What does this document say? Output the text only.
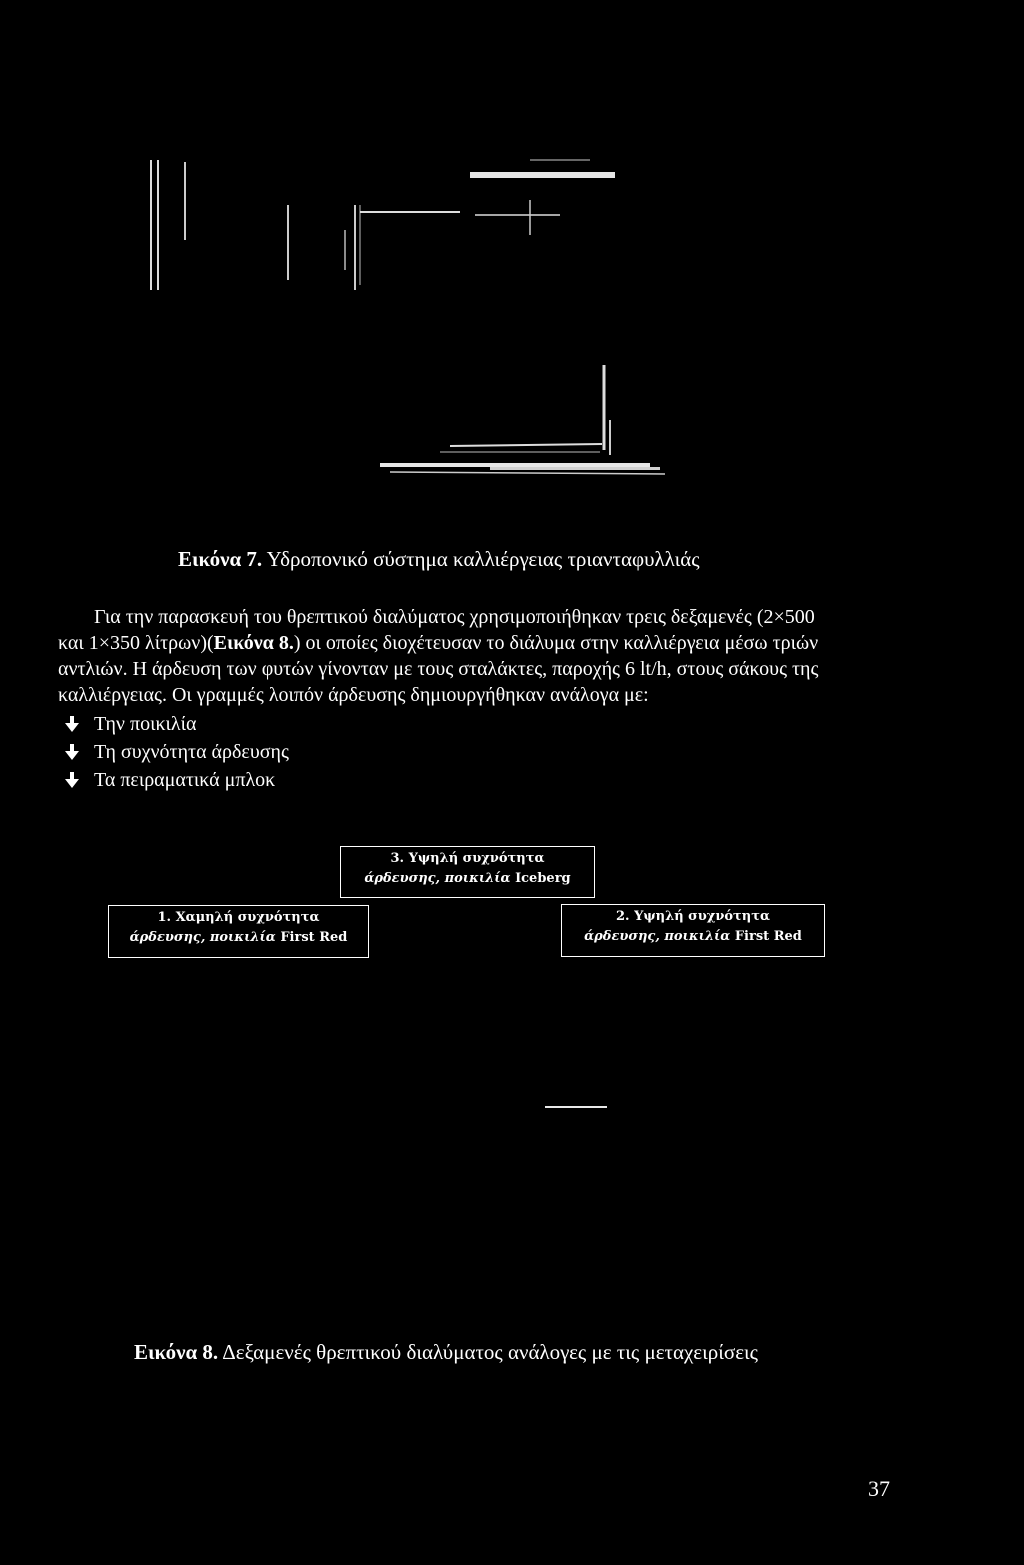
Εικόνα 7. Υδροπονικό σύστημα καλλιέργειας τριανταφυλλιάς
Για την παρασκευή του θρεπτικού διαλύματος χρησιμοποιήθηκαν τρεις δεξαμενές (2×500
και 1×350 λίτρων)(Εικόνα 8.) οι οποίες διοχέτευσαν το διάλυμα στην καλλιέργεια μέσω τριών
αντλιών. Η άρδευση των φυτών γίνονταν με τους σταλάκτες, παροχής 6 lt/h, στους σάκους της
καλλιέργειας. Οι γραμμές λοιπόν άρδευσης δημιουργήθηκαν ανάλογα με:
Την ποικιλία
Τη συχνότητα άρδευσης
Τα πειραματικά μπλοκ
3. Υψηλή συχνότητα
άρδευσης, ποικιλία Iceberg
1. Χαμηλή συχνότητα
άρδευσης, ποικιλία First Red
2. Υψηλή συχνότητα
άρδευσης, ποικιλία First Red
Εικόνα 8. Δεξαμενές θρεπτικού διαλύματος ανάλογες με τις μεταχειρίσεις
37
